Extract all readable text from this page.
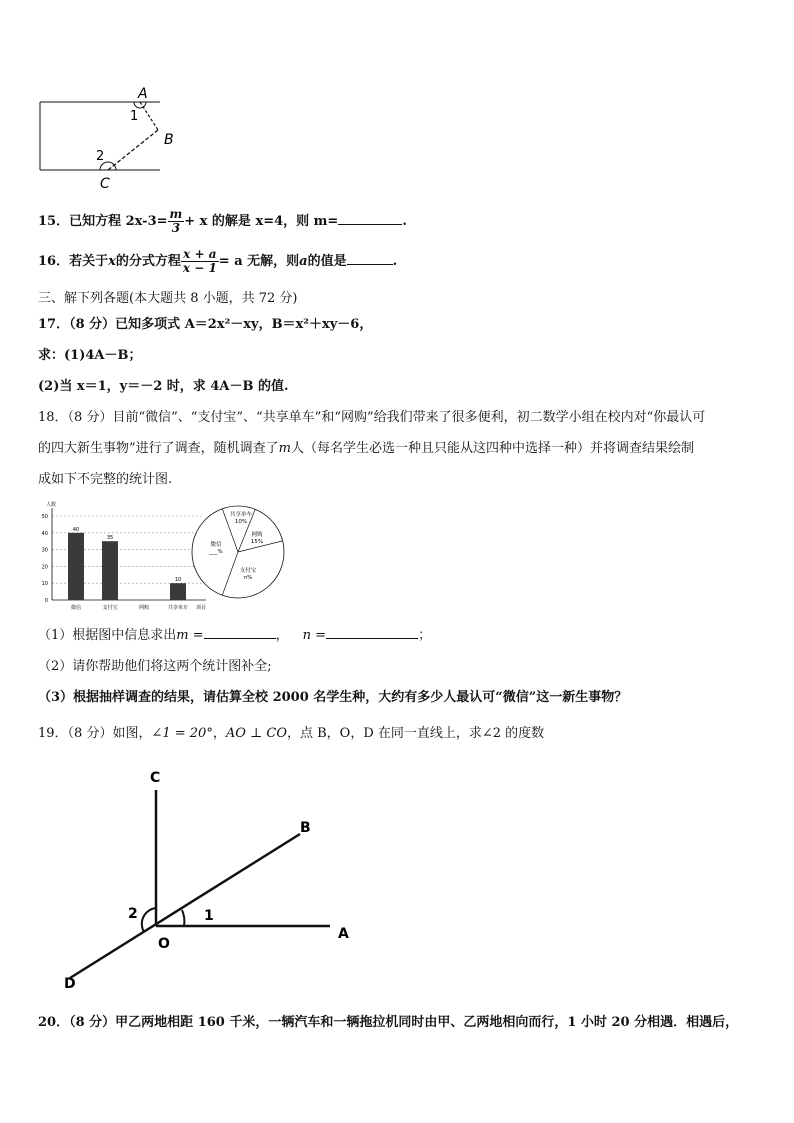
A
B
C
1
2
15．已知方程 $2x-3= \frac{m}{3} + x$ 的解是 x=4，则 m=	.
16．若关于x的分式方程 $\frac{x + a}{x - 1} = a$ 无解，则a的值是	.
三、解下列各题(本大题共 8 小题，共 72 分)
17．（8 分）已知多项式 A＝2x²－xy，B＝x²＋xy－6，
求：(1)4A－B；
(2)当 x＝1，y＝－2 时，求 4A－B 的值.
18．（8 分）目前“微信”、“支付宝”、“共享单车”和“网购”给我们带来了很多便利，初二数学小组在校内对“你最认可
的四大新生事物”进行了调查，随机调查了m人（每名学生必选一种且只能从这四种中选择一种）并将调查结果绘制
成如下不完整的统计图.
0
10
20
30
40
50
人数
项目
40
微信
35
支付宝	网购
10
共享单车
共享单车
10%
网购
15%
支付宝
n%
微信
___%
（1）根据图中信息求出m =	， n =	；
（2）请你帮助他们将这两个统计图补全;
（3）根据抽样调查的结果，请估算全校 2000 名学生种，大约有多少人最认可“微信”这一新生事物？
19．（8 分）如图，∠1 = 20°，AO ⊥ CO，点 B，O，D 在同一直线上，求∠2 的度数
C
B
A
O
D
1
2
20．（8 分）甲乙两地相距 160 千米，一辆汽车和一辆拖拉机同时由甲、乙两地相向而行，1 小时 20 分相遇．相遇后，
